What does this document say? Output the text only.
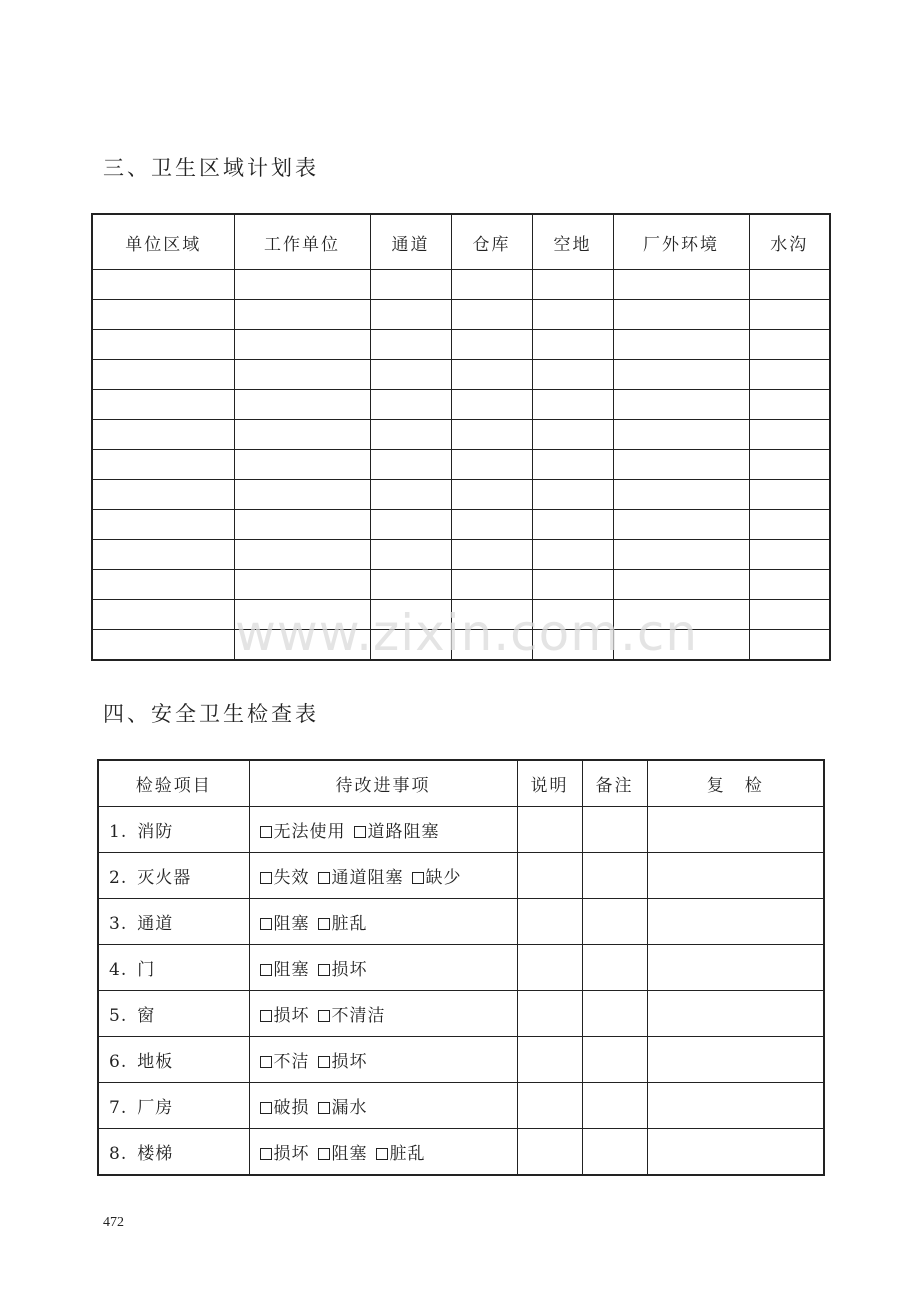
三、卫生区域计划表
单位区域	工作单位	通道	仓库	空地	厂外环境	水沟

四、安全卫生检查表
检验项目	待改进事项	说明	备注	复　检
1. 消防	无法使用 道路阻塞			
2. 灭火器	失效 通道阻塞 缺少			
3. 通道	阻塞 脏乱			
4. 门	阻塞 损坏			
5. 窗	损坏 不清洁			
6. 地板	不洁 损坏			
7. 厂房	破损 漏水			
8. 楼梯	损坏 阻塞 脏乱			
www.zixin.com.cn
472
